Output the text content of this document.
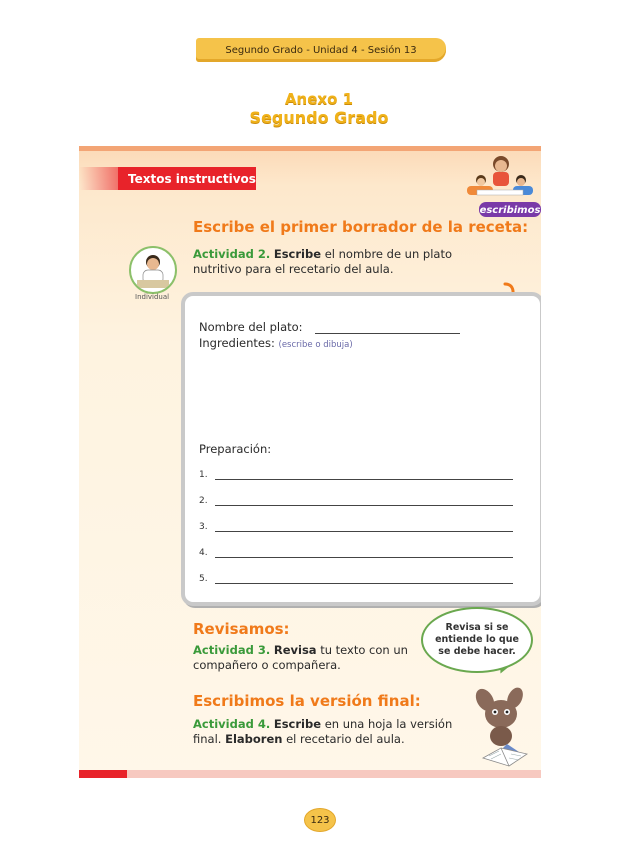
Segundo Grado - Unidad 4 - Sesión 13
Anexo 1
Segundo Grado
Textos instructivos
escribimos
Escribe el primer borrador de la receta:
Actividad 2. Escribe el nombre de un plato
nutritivo para el recetario del aula.
Individual
Nombre del plato:
Ingredientes: (escribe o dibuja)
Preparación:
1.
2.
3.
4.
5.
Revisamos:
Actividad 3. Revisa tu texto con un
compañero o compañera.
Revisa si se entiende lo que se debe hacer.
Escribimos la versión final:
Actividad 4. Escribe en una hoja la versión
final. Elaboren el recetario del aula.
123
